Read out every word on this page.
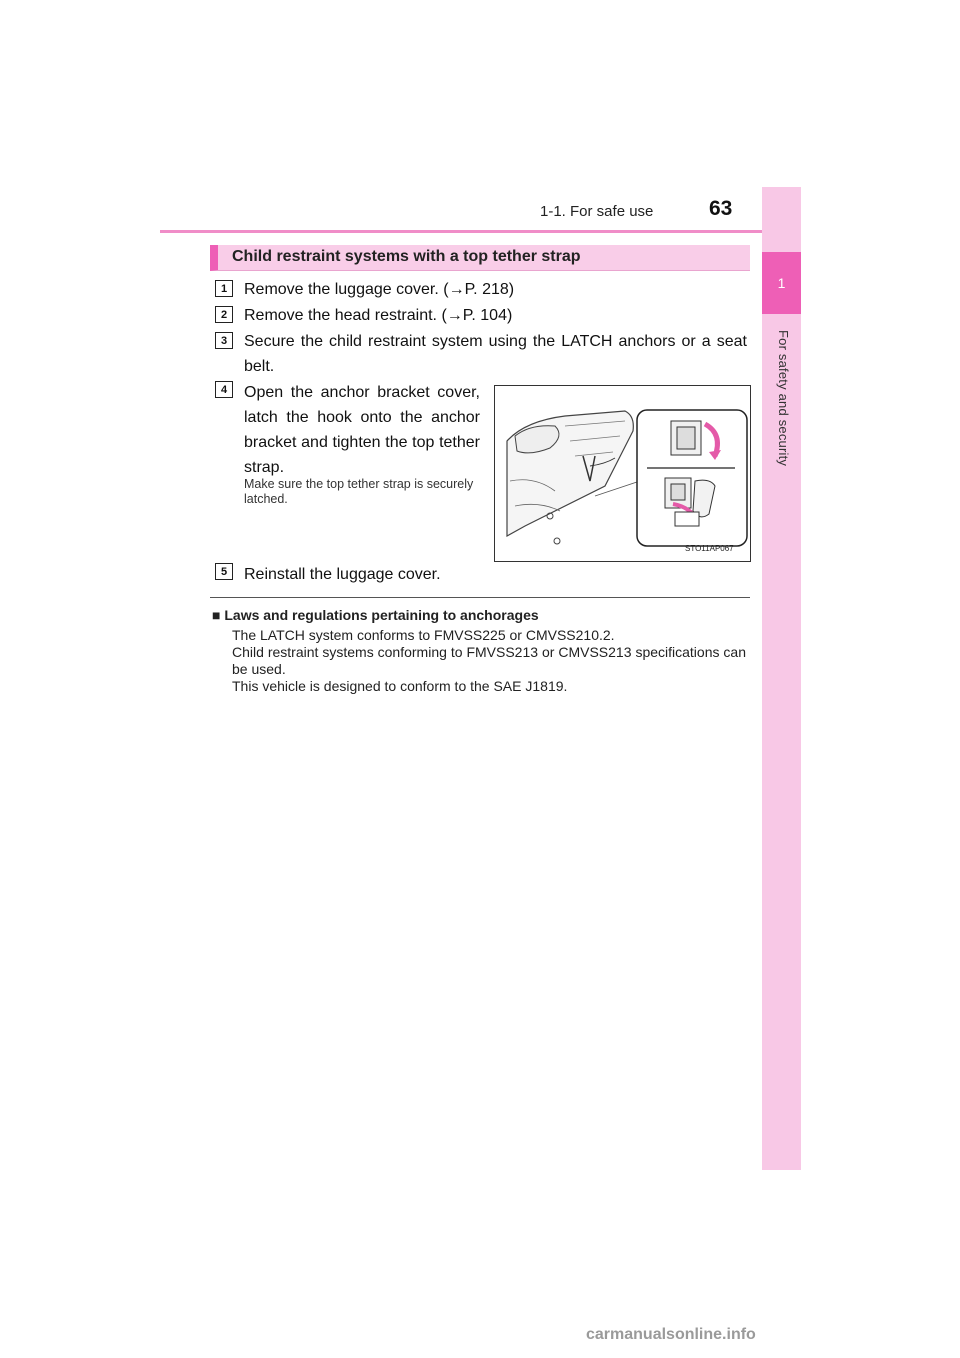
1-1. For safe use	63
1
For safety and security
Child restraint systems with a top tether strap
1	Remove the luggage cover. (→P. 218)
2	Remove the head restraint. (→P. 104)
3	Secure the child restraint system using the LATCH anchors or a seat belt.
4	Open the anchor bracket cover, latch the hook onto the anchor bracket and tighten the top tether strap.
Make sure the top tether strap is securely latched.
STO11AP067
5	Reinstall the luggage cover.
■ Laws and regulations pertaining to anchorages
The LATCH system conforms to FMVSS225 or CMVSS210.2.
Child restraint systems conforming to FMVSS213 or CMVSS213 specifications can be used.
This vehicle is designed to conform to the SAE J1819.
carmanualsonline.info
